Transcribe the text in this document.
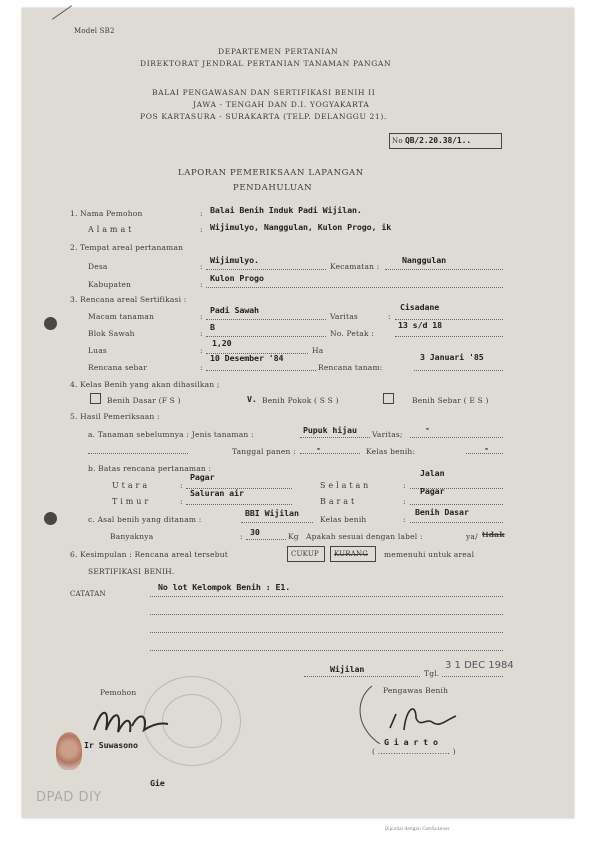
Model SB2
DEPARTEMEN PERTANIAN
DIREKTORAT JENDRAL PERTANIAN TANAMAN PANGAN
BALAI PENGAWASAN DAN SERTIFIKASI BENIH II
JAWA - TENGAH DAN D.I. YOGYAKARTA
POS KARTASURA - SURAKARTA (TELP. DELANGGU 21).
No QB/2.20.38/1..
LAPORAN PEMERIKSAAN LAPANGAN
PENDAHULUAN
1. Nama Pemohon	: Balai Benih Induk Padi Wijilan.
A l a m a t	: Wijimulyo, Nanggulan, Kulon Progo, ik
2. Tempat areal pertanaman
Desa	:
Wijimulyo.
Kecamatan :
Nanggulan
Kabupaten	:
Kulon Progo
3. Rencana areal Sertifikasi :
Macam tanaman	:
Padi Sawah
Varitas	:
Cisadane
Blok Sawah	:
B
No. Petak :
13 s/d 18
Luas	:
1,20
Ha
Rencana sebar	:
10 Desember '84
Rencana tanam:
3 Januari '85
4. Kelas Benih yang akan dihasilkan ;
Benih Dasar (F S )	V. Benih Pokok ( S S )	Benih Sebar ( E S )
5. Hasil Pemeriksaan :
a. Tanaman sebelumnya : Jenis tanaman :	Pupuk hijau Varitas;
-
Tanggal panen : -	Kelas benih:	-
b. Batas rencana pertanaman :
U t a r a	:
Pagar
S e l a t a n	:
Jalan
T i m u r	:
Saluran air
B a r a t	:
Pagar
c. Asal benih yang ditanam :
BBI Wijilan
Kelas benih	:
Benih Dasar
Banyaknya	: 30	Kg Apakah sesuai dengan label :	ya/ tidak
6. Kesimpulan : Rencana areal tersebut	CUKUP KURANG memenuhi untuk areal
SERTIFIKASI BENIH.
CATATAN
No lot Kelompok Benih : E1.
Wijilan	Tgl.
3 1 DEC 1984
Pemohon	Pengawas Benih
Ir Suwasono	G i a r t o
( ............................ )
Gie
DPAD DIY
Dipindai dengan CamScanner
